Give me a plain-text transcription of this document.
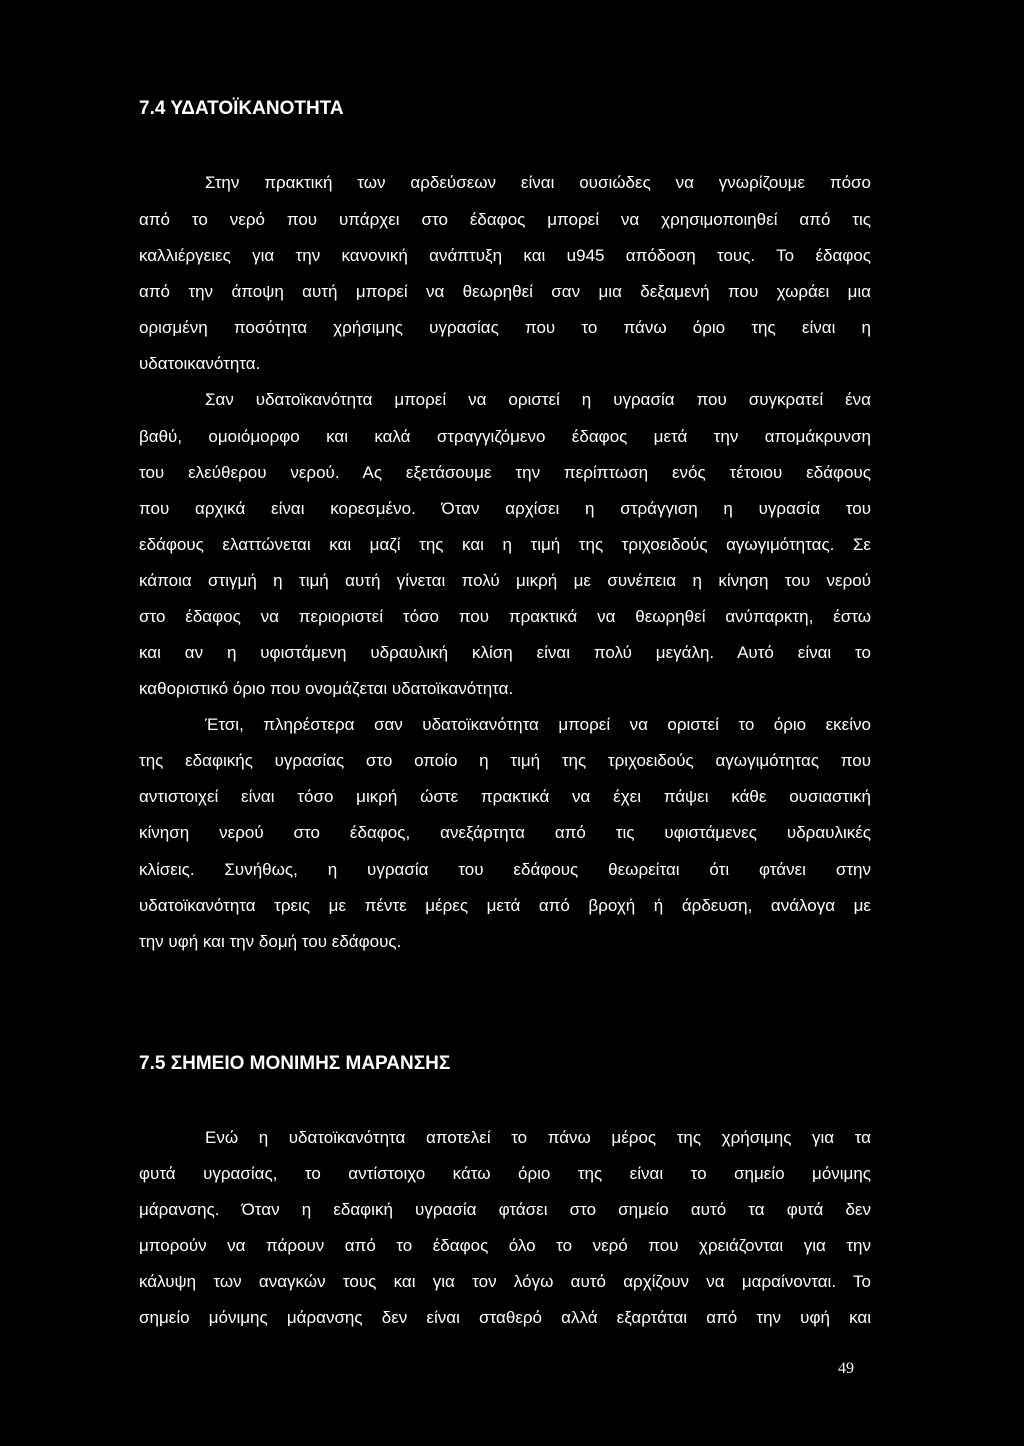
7.4 ΥΔΑΤΟΪΚΑΝΟΤΗΤΑ

Στην πρακτική των αρδεύσεων είναι ουσιώδες να γνωρίζουμε πόσο

από το νερό που υπάρχει στο έδαφος μπορεί να χρησιμοποιηθεί από τις

καλλιέργειες για την κανονική ανάπτυξη και u945 απόδοση τους. Το έδαφος

από την άποψη αυτή μπορεί να θεωρηθεί σαν μια δεξαμενή που χωράει μια

ορισμένη ποσότητα χρήσιμης υγρασίας που το πάνω όριο της είναι η

υδατοικανότητα.

Σαν υδατοϊκανότητα μπορεί να οριστεί η υγρασία που συγκρατεί ένα

βαθύ, ομοιόμορφο και καλά στραγγιζόμενο έδαφος μετά την απομάκρυνση

του ελεύθερου νερού. Ας εξετάσουμε την περίπτωση ενός τέτοιου εδάφους

που αρχικά είναι κορεσμένο. Όταν αρχίσει η στράγγιση η υγρασία του

εδάφους ελαττώνεται και μαζί της και η τιμή της τριχοειδούς αγωγιμότητας. Σε

κάποια στιγμή η τιμή αυτή γίνεται πολύ μικρή με συνέπεια η κίνηση του νερού

στο έδαφος να περιοριστεί τόσο που πρακτικά να θεωρηθεί ανύπαρκτη, έστω

και αν η υφιστάμενη υδραυλική κλίση είναι πολύ μεγάλη. Αυτό είναι το

καθοριστικό όριο που ονομάζεται υδατοϊκανότητα.

Έτσι, πληρέστερα σαν υδατοϊκανότητα μπορεί να οριστεί το όριο εκείνο

της εδαφικής υγρασίας στο οποίο η τιμή της τριχοειδούς αγωγιμότητας που

αντιστοιχεί είναι τόσο μικρή ώστε πρακτικά να έχει πάψει κάθε ουσιαστική

κίνηση νερού στο έδαφος, ανεξάρτητα από τις υφιστάμενες υδραυλικές

κλίσεις. Συνήθως, η υγρασία του εδάφους θεωρείται ότι φτάνει στην

υδατοϊκανότητα τρεις με πέντε μέρες μετά από βροχή ή άρδευση, ανάλογα με

την υφή και την δομή του εδάφους.

7.5 ΣΗΜΕΙΟ ΜΟΝΙΜΗΣ ΜΑΡΑΝΣΗΣ

Ενώ η υδατοϊκανότητα αποτελεί το πάνω μέρος της χρήσιμης για τα

φυτά υγρασίας, το αντίστοιχο κάτω όριο της είναι το σημείο μόνιμης

μάρανσης. Όταν η εδαφική υγρασία φτάσει στο σημείο αυτό τα φυτά δεν

μπορούν να πάρουν από το έδαφος όλο το νερό που χρειάζονται για την

κάλυψη των αναγκών τους και για τον λόγω αυτό αρχίζουν να μαραίνονται. Το

σημείο μόνιμης μάρανσης δεν είναι σταθερό αλλά εξαρτάται από την υφή και

49
